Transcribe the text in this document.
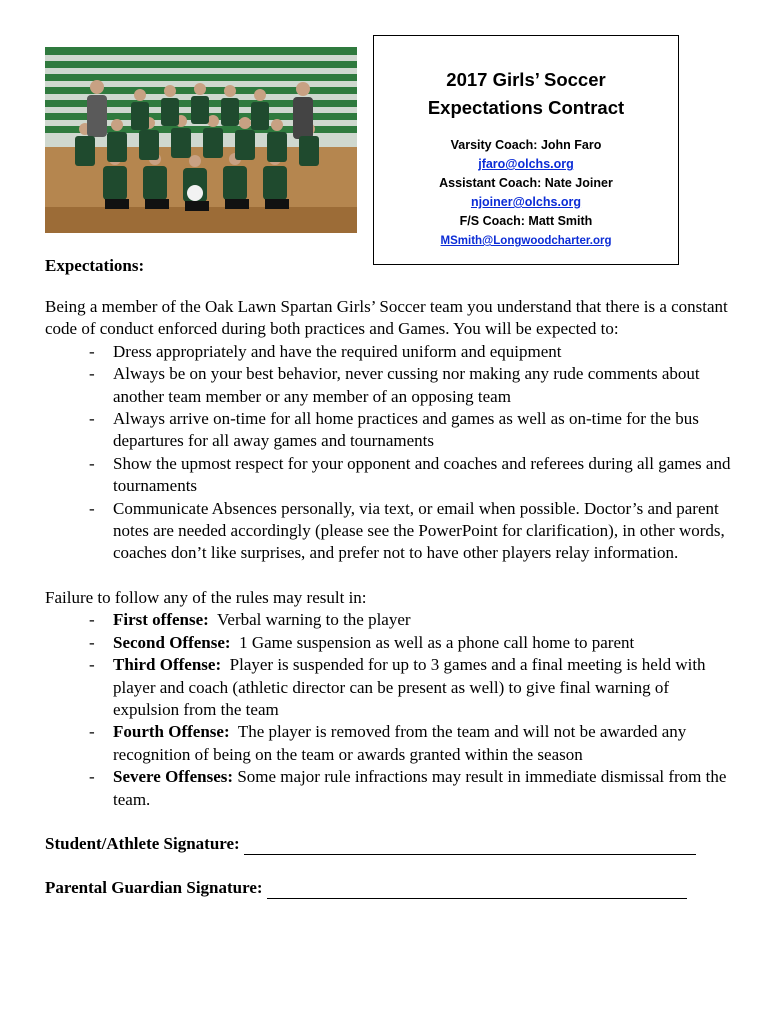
2017 Girls’ Soccer
Expectations Contract
Varsity Coach: John Faro
jfaro@olchs.org
Assistant Coach: Nate Joiner
njoiner@olchs.org
F/S Coach: Matt Smith
MSmith@Longwoodcharter.org
Expectations:

Being a member of the Oak Lawn Spartan Girls’ Soccer team you understand that there is a constant code of conduct enforced during both practices and Games. You will be expected to:

- Dress appropriately and have the required uniform and equipment
- Always be on your best behavior, never cussing nor making any rude comments about another team member or any member of an opposing team
- Always arrive on-time for all home practices and games as well as on-time for the bus departures for all away games and tournaments
- Show the upmost respect for your opponent and coaches and referees during all games and tournaments
- Communicate Absences personally, via text, or email when possible. Doctor’s and parent notes are needed accordingly (please see the PowerPoint for clarification), in other words, coaches don’t like surprises, and prefer not to have other players relay information.

Failure to follow any of the rules may result in:

- First offense:  Verbal warning to the player
- Second Offense:  1 Game suspension as well as a phone call home to parent
- Third Offense:  Player is suspended for up to 3 games and a final meeting is held with player and coach (athletic director can be present as well) to give final warning of expulsion from the team
- Fourth Offense:  The player is removed from the team and will not be awarded any recognition of being on the team or awards granted within the season
- Severe Offenses: Some major rule infractions may result in immediate dismissal from the team.
Student/Athlete Signature:
Parental Guardian Signature:
